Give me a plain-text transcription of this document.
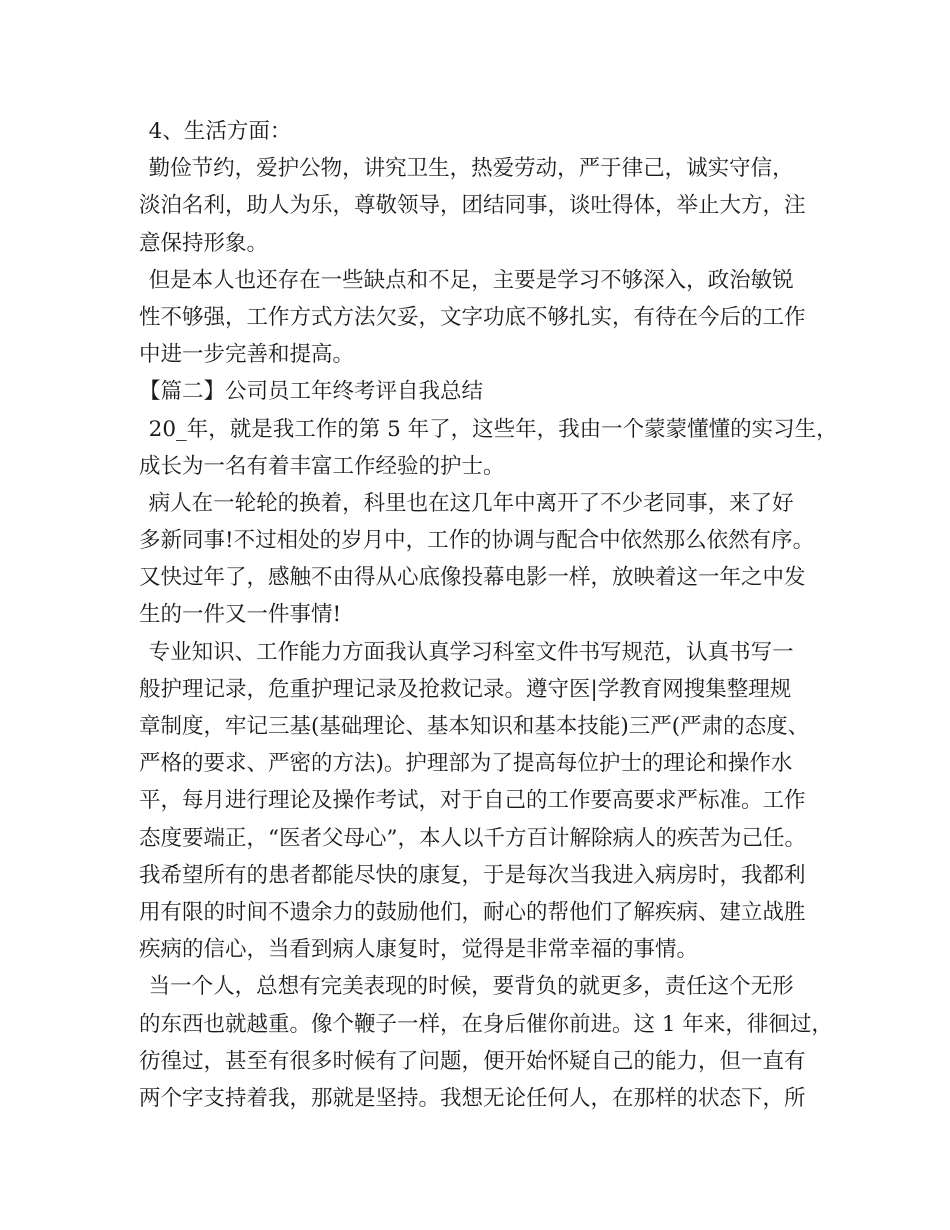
4、生活方面：
勤俭节约，爱护公物，讲究卫生，热爱劳动，严于律己，诚实守信，
淡泊名利，助人为乐，尊敬领导，团结同事，谈吐得体，举止大方，注
意保持形象。
但是本人也还存在一些缺点和不足，主要是学习不够深入，政治敏锐
性不够强，工作方式方法欠妥，文字功底不够扎实，有待在今后的工作
中进一步完善和提高。
【篇二】公司员工年终考评自我总结
20_年，就是我工作的第 5 年了，这些年，我由一个蒙蒙懂懂的实习生，
成长为一名有着丰富工作经验的护士。
病人在一轮轮的换着，科里也在这几年中离开了不少老同事，来了好
多新同事!不过相处的岁月中，工作的协调与配合中依然那么依然有序。
又快过年了，感触不由得从心底像投幕电影一样，放映着这一年之中发
生的一件又一件事情!
专业知识、工作能力方面我认真学习科室文件书写规范，认真书写一
般护理记录，危重护理记录及抢救记录。遵守医|学教育网搜集整理规
章制度，牢记三基(基础理论、基本知识和基本技能)三严(严肃的态度、
严格的要求、严密的方法)。护理部为了提高每位护士的理论和操作水
平，每月进行理论及操作考试，对于自己的工作要高要求严标准。工作
态度要端正，“医者父母心”，本人以千方百计解除病人的疾苦为己任。
我希望所有的患者都能尽快的康复，于是每次当我进入病房时，我都利
用有限的时间不遗余力的鼓励他们，耐心的帮他们了解疾病、建立战胜
疾病的信心，当看到病人康复时，觉得是非常幸福的事情。
当一个人，总想有完美表现的时候，要背负的就更多，责任这个无形
的东西也就越重。像个鞭子一样，在身后催你前进。这 1 年来，徘徊过，
彷徨过，甚至有很多时候有了问题，便开始怀疑自己的能力，但一直有
两个字支持着我，那就是坚持。我想无论任何人，在那样的状态下，所
